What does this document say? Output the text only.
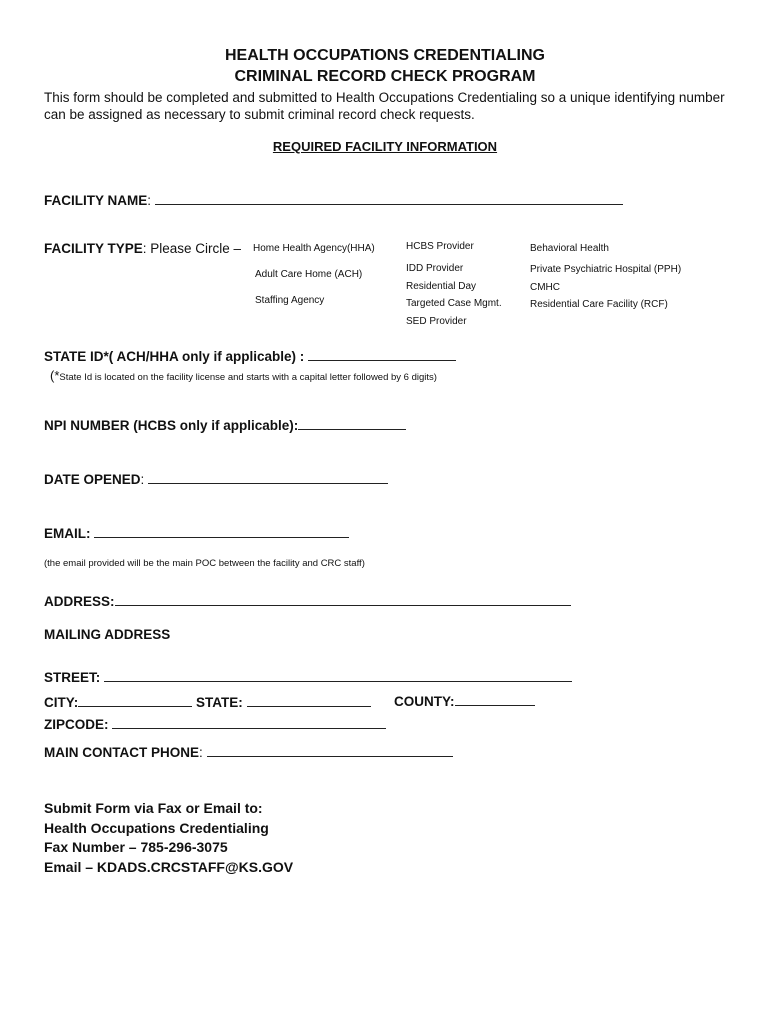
HEALTH OCCUPATIONS CREDENTIALING
CRIMINAL RECORD CHECK PROGRAM
This form should be completed and submitted to Health Occupations Credentialing so a unique identifying number can be assigned as necessary to submit criminal record check requests.
REQUIRED FACILITY INFORMATION
FACILITY NAME:
FACILITY TYPE: Please Circle – Home Health Agency(HHA)
Adult Care Home (ACH)
Staffing Agency
HCBS Provider
IDD Provider
Residential Day
Targeted Case Mgmt.
SED Provider
Behavioral Health
Private Psychiatric Hospital (PPH)
CMHC
Residential Care Facility (RCF)
STATE ID*( ACH/HHA only if applicable) :
(*State Id is located on the facility license and starts with a capital letter followed by 6 digits)
NPI NUMBER (HCBS only if applicable):
DATE OPENED:
EMAIL:
(the email provided will be the main POC between the facility and CRC staff)
ADDRESS:
MAILING ADDRESS
STREET:
CITY:	STATE:	COUNTY:
ZIPCODE:
MAIN CONTACT PHONE:
Submit Form via Fax or Email to:
Health Occupations Credentialing
Fax Number – 785-296-3075
Email – KDADS.CRCSTAFF@KS.GOV
